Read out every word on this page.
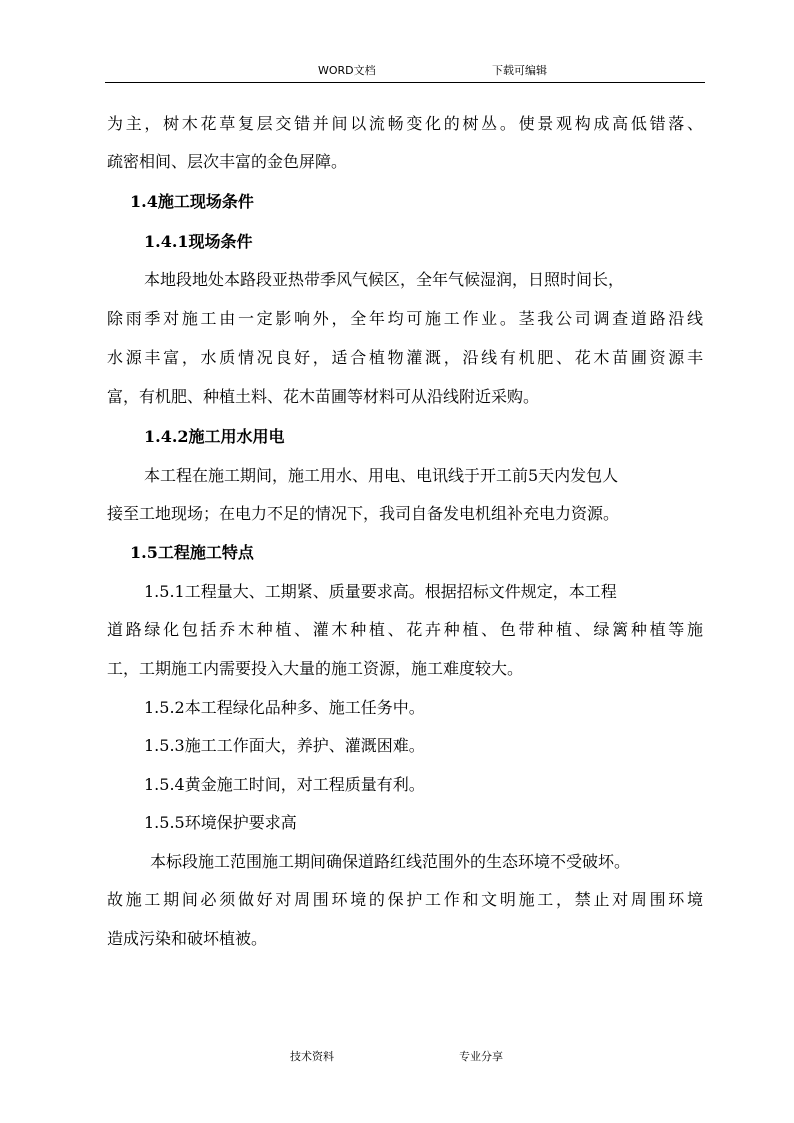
WORD文档	下载可编辑
为主，树木花草复层交错并间以流畅变化的树丛。使景观构成高低错落、
疏密相间、层次丰富的金色屏障。
1.4施工现场条件
1.4.1现场条件
本地段地处本路段亚热带季风气候区，全年气候湿润，日照时间长，
除雨季对施工由一定影响外，全年均可施工作业。茎我公司调查道路沿线
水源丰富，水质情况良好，适合植物灌溉，沿线有机肥、花木苗圃资源丰
富，有机肥、种植土料、花木苗圃等材料可从沿线附近采购。
1.4.2施工用水用电
本工程在施工期间，施工用水、用电、电讯线于开工前5天内发包人
接至工地现场；在电力不足的情况下，我司自备发电机组补充电力资源。
1.5工程施工特点
1.5.1工程量大、工期紧、质量要求高。根据招标文件规定，本工程
道路绿化包括乔木种植、灌木种植、花卉种植、色带种植、绿篱种植等施
工，工期施工内需要投入大量的施工资源，施工难度较大。
1.5.2本工程绿化品种多、施工任务中。
1.5.3施工工作面大，养护、灌溉困难。
1.5.4黄金施工时间，对工程质量有利。
1.5.5环境保护要求高
本标段施工范围施工期间确保道路红线范围外的生态环境不受破坏。
故施工期间必须做好对周围环境的保护工作和文明施工，禁止对周围环境
造成污染和破坏植被。
技术资料	专业分享
